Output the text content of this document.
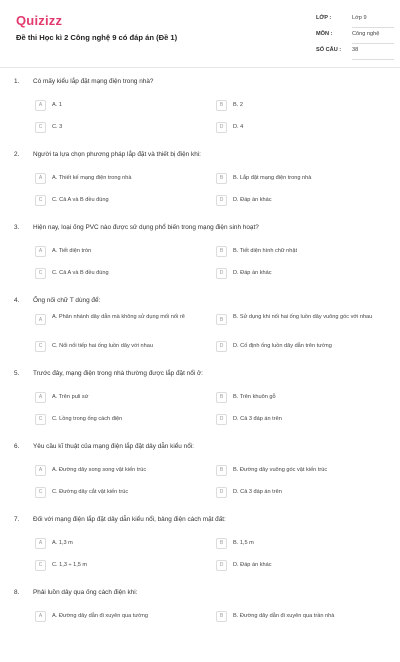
Quizizz
Đề thi Học kì 2 Công nghệ 9 có đáp án (Đề 1)
LỚP :	Lớp 9
MÔN :	Công nghệ
SỐ CÂU :	38
1. Có mấy kiểu lắp đặt mạng điện trong nhà?
A	A. 1	B	B. 2
C	C. 3	D	D. 4
2. Người ta lựa chọn phương pháp lắp đặt và thiết bị điện khi:
A	A. Thiết kế mạng điện trong nhà	B	B. Lắp đặt mạng điện trong nhà
C	C. Cả A và B đều đúng	D	D. Đáp án khác
3. Hiện nay, loại ống PVC nào được sử dụng phổ biến trong mạng điện sinh hoạt?
A	A. Tiết diện tròn	B	B. Tiết diện hình chữ nhật
C	C. Cả A và B đều đúng	D	D. Đáp án khác
4. Ống nối chữ T dùng để:
A	A. Phân nhánh dây dẫn mà không sử dụng mối nối rẽ	B	B. Sử dụng khi nối hai ống luồn dây vuông góc với nhau
C	C. Nối nối tiếp hai ống luồn dây với nhau	D	D. Cố định ống luồn dây dẫn trên tường
5. Trước đây, mạng điện trong nhà thường được lắp đặt nổi ở:
A	A. Trên puli sứ	B	B. Trên khuôn gỗ
C	C. Lồng trong ống cách điện	D	D. Cả 3 đáp án trên
6. Yêu cầu kĩ thuật của mạng điện lắp đặt dây dẫn kiểu nổi:
A	A. Đường dây song song vật kiến trúc	B	B. Đường dây vuông góc vật kiến trúc
C	C. Đường dây cắt vật kiến trúc	D	D. Cả 3 đáp án trên
7. Đối với mạng điện lắp đặt dây dẫn kiểu nổi, bảng điện cách mặt đất:
A	A. 1,3 m	B	B. 1,5 m
C	C. 1,3 ÷ 1,5 m	D	D. Đáp án khác
8. Phải luồn dây qua ống cách điện khi:
A	A. Đường dây dẫn đi xuyên qua tường	B	B. Đường dây dẫn đi xuyên qua trần nhà
